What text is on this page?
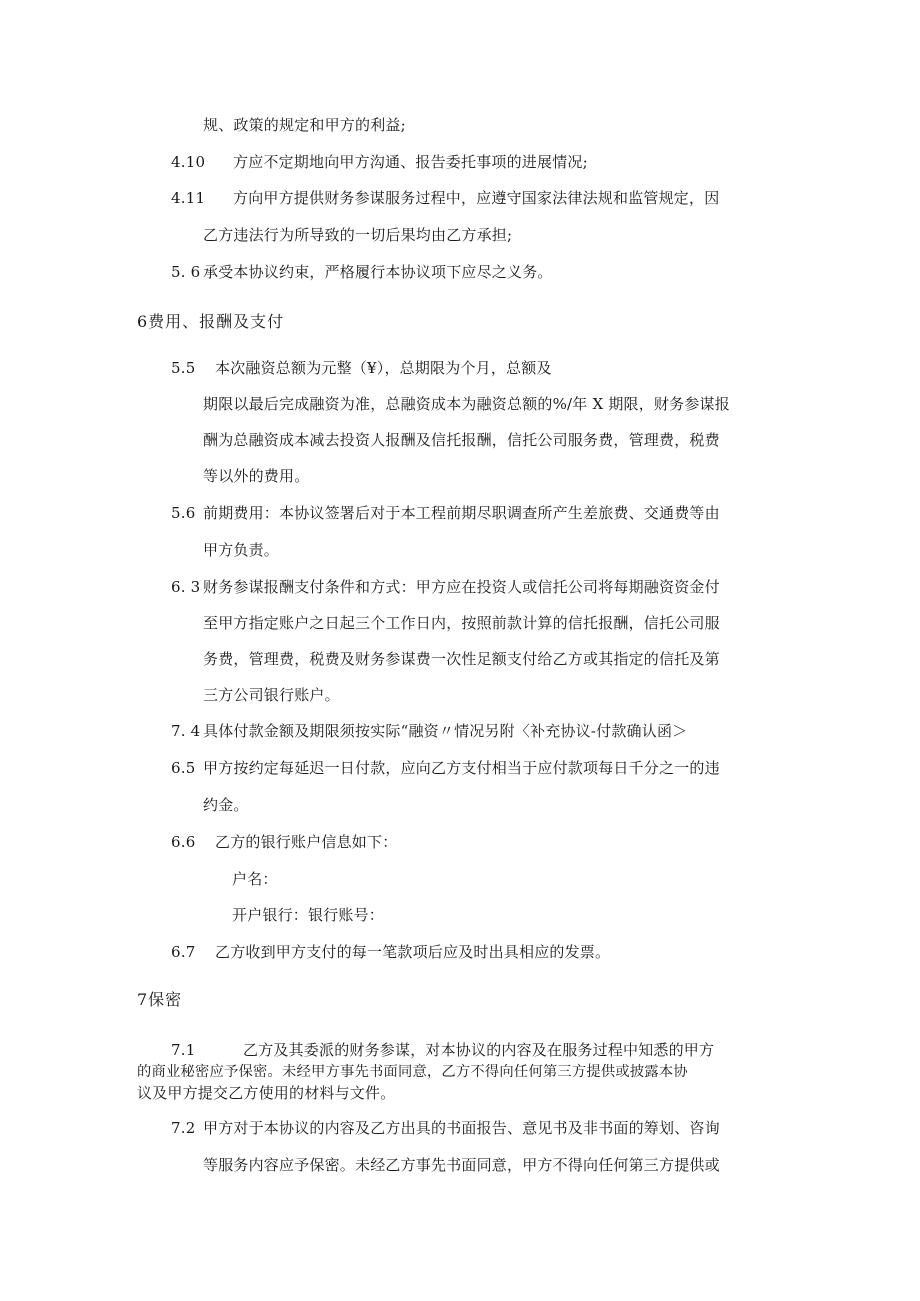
规、政策的规定和甲方的利益;
4.10 方应不定期地向甲方沟通、报告委托事项的进展情况;
4.11 方向甲方提供财务参谋服务过程中，应遵守国家法律法规和监管规定，因
乙方违法行为所导致的一切后果均由乙方承担;
5. 6 承受本协议约束，严格履行本协议项下应尽之义务。
6费用、报酬及支付
5.5 本次融资总额为元整（¥），总期限为个月，总额及
期限以最后完成融资为准，总融资成本为融资总额的%/年 X 期限，财务参谋报
酬为总融资成本减去投资人报酬及信托报酬，信托公司服务费，管理费，税费
等以外的费用。
5.6 前期费用：本协议签署后对于本工程前期尽职调查所产生差旅费、交通费等由
甲方负责。
6. 3 财务参谋报酬支付条件和方式：甲方应在投资人或信托公司将每期融资资金付
至甲方指定账户之日起三个工作日内，按照前款计算的信托报酬，信托公司服
务费，管理费，税费及财务参谋费一次性足额支付给乙方或其指定的信托及第
三方公司银行账户。
7. 4 具体付款金额及期限须按实际“融资〃情况另附〈补充协议-付款确认函＞
6.5 甲方按约定每延迟一日付款，应向乙方支付相当于应付款项每日千分之一的违
约金。
6.6 乙方的银行账户信息如下：
户名：
开户银行：银行账号：
6.7 乙方收到甲方支付的每一笔款项后应及时出具相应的发票。
7保密
7.1	乙方及其委派的财务参谋，对本协议的内容及在服务过程中知悉的甲方
的商业秘密应予保密。未经甲方事先书面同意，乙方不得向任何第三方提供或披露本协
议及甲方提交乙方使用的材料与文件。
7.2 甲方对于本协议的内容及乙方出具的书面报告、意见书及非书面的筹划、咨询
等服务内容应予保密。未经乙方事先书面同意，甲方不得向任何第三方提供或
